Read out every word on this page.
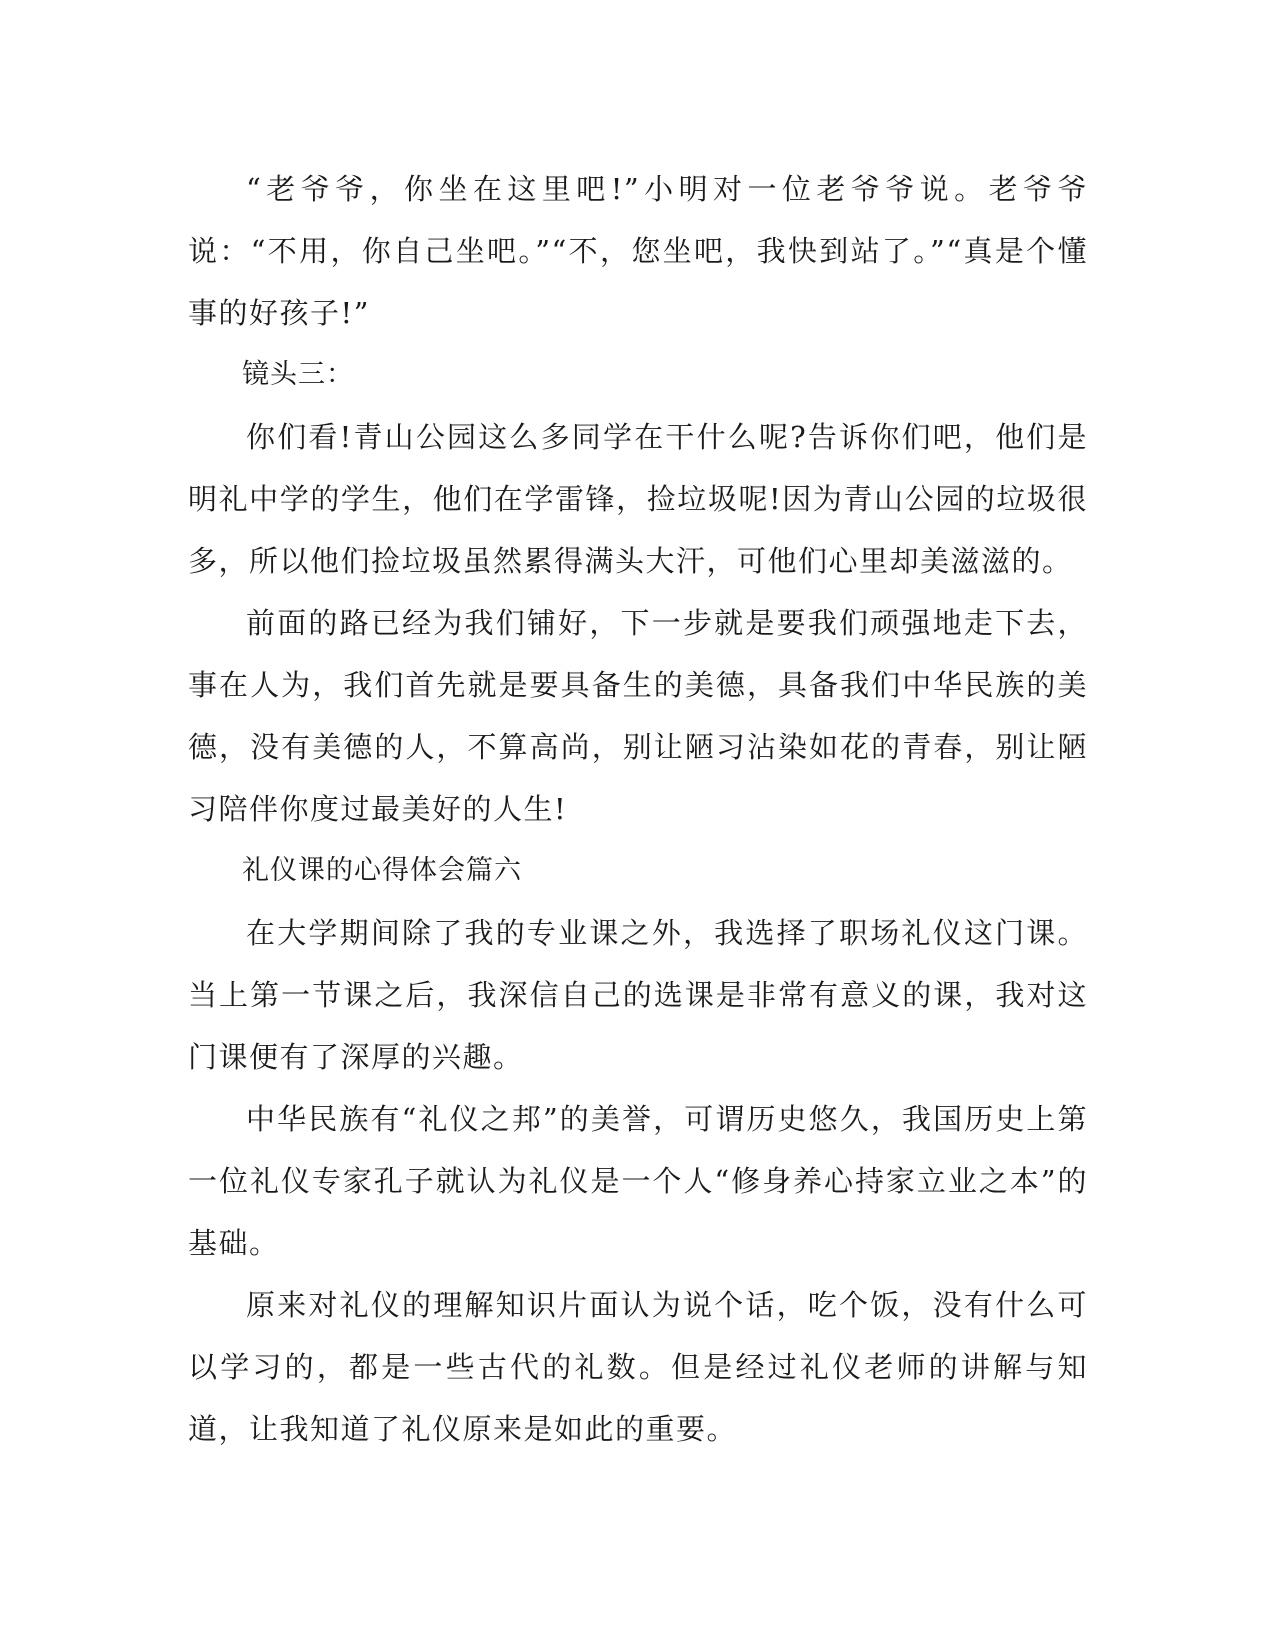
“老爷爷，你坐在这里吧!”小明对一位老爷爷说。老爷爷说：“不用，你自己坐吧。”“不，您坐吧，我快到站了。”“真是个懂事的好孩子!”

镜头三：

你们看!青山公园这么多同学在干什么呢?告诉你们吧，他们是明礼中学的学生，他们在学雷锋，捡垃圾呢!因为青山公园的垃圾很多，所以他们捡垃圾虽然累得满头大汗，可他们心里却美滋滋的。

前面的路已经为我们铺好，下一步就是要我们顽强地走下去，事在人为，我们首先就是要具备生的美德，具备我们中华民族的美德，没有美德的人，不算高尚，别让陋习沾染如花的青春，别让陋习陪伴你度过最美好的人生!

礼仪课的心得体会篇六

在大学期间除了我的专业课之外，我选择了职场礼仪这门课。当上第一节课之后，我深信自己的选课是非常有意义的课，我对这门课便有了深厚的兴趣。

中华民族有“礼仪之邦”的美誉，可谓历史悠久，我国历史上第一位礼仪专家孔子就认为礼仪是一个人“修身养心持家立业之本”的基础。

原来对礼仪的理解知识片面认为说个话，吃个饭，没有什么可以学习的，都是一些古代的礼数。但是经过礼仪老师的讲解与知道，让我知道了礼仪原来是如此的重要。
